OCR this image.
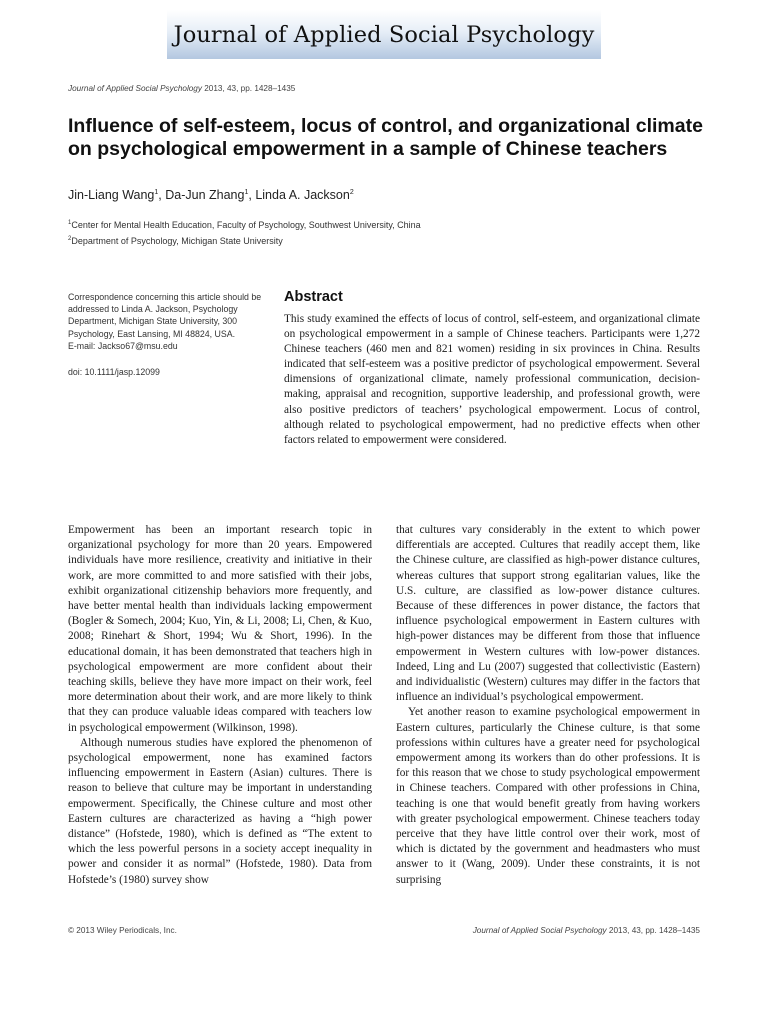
Journal of Applied Social Psychology
Journal of Applied Social Psychology 2013, 43, pp. 1428–1435
Influence of self-esteem, locus of control, and organizational climate on psychological empowerment in a sample of Chinese teachers
Jin-Liang Wang$^1$, Da-Jun Zhang$^1$, Linda A. Jackson$^2$
$^1$Center for Mental Health Education, Faculty of Psychology, Southwest University, China
$^2$Department of Psychology, Michigan State University
Correspondence concerning this article should be addressed to Linda A. Jackson, Psychology Department, Michigan State University, 300 Psychology, East Lansing, MI 48824, USA.
E-mail: Jackso67@msu.edu
doi: 10.1111/jasp.12099
Abstract

This study examined the effects of locus of control, self-esteem, and organizational climate on psychological empowerment in a sample of Chinese teachers. Participants were 1,272 Chinese teachers (460 men and 821 women) residing in six provinces in China. Results indicated that self-esteem was a positive predictor of psychological empowerment. Several dimensions of organizational climate, namely professional communication, decision-making, appraisal and recognition, supportive leadership, and professional growth, were also positive predictors of teachers’ psychological empowerment. Locus of control, although related to psychological empowerment, had no predictive effects when other factors related to empowerment were considered.

Empowerment has been an important research topic in organizational psychology for more than 20 years. Empowered individuals have more resilience, creativity and initiative in their work, are more committed to and more satisfied with their jobs, exhibit organizational citizenship behaviors more frequently, and have better mental health than individuals lacking empowerment (Bogler & Somech, 2004; Kuo, Yin, & Li, 2008; Li, Chen, & Kuo, 2008; Rinehart & Short, 1994; Wu & Short, 1996). In the educational domain, it has been demonstrated that teachers high in psychological empowerment are more confident about their teaching skills, believe they have more impact on their work, feel more determination about their work, and are more likely to think that they can produce valuable ideas compared with teachers low in psychological empowerment (Wilkinson, 1998).

Although numerous studies have explored the phenomenon of psychological empowerment, none has examined factors influencing empowerment in Eastern (Asian) cultures. There is reason to believe that culture may be important in understanding empowerment. Specifically, the Chinese culture and most other Eastern cultures are characterized as having a “high power distance” (Hofstede, 1980), which is defined as “The extent to which the less powerful persons in a society accept inequality in power and consider it as normal” (Hofstede, 1980). Data from Hofstede’s (1980) survey show

that cultures vary considerably in the extent to which power differentials are accepted. Cultures that readily accept them, like the Chinese culture, are classified as high-power distance cultures, whereas cultures that support strong egalitarian values, like the U.S. culture, are classified as low-power distance cultures. Because of these differences in power distance, the factors that influence psychological empowerment in Eastern cultures with high-power distances may be different from those that influence empowerment in Western cultures with low-power distances. Indeed, Ling and Lu (2007) suggested that collectivistic (Eastern) and individualistic (Western) cultures may differ in the factors that influence an individual’s psychological empowerment.

Yet another reason to examine psychological empowerment in Eastern cultures, particularly the Chinese culture, is that some professions within cultures have a greater need for psychological empowerment among its workers than do other professions. It is for this reason that we chose to study psychological empowerment in Chinese teachers. Compared with other professions in China, teaching is one that would benefit greatly from having workers with greater psychological empowerment. Chinese teachers today perceive that they have little control over their work, most of which is dictated by the government and headmasters who must answer to it (Wang, 2009). Under these constraints, it is not surprising

© 2013 Wiley Periodicals, Inc.	Journal of Applied Social Psychology 2013, 43, pp. 1428–1435
